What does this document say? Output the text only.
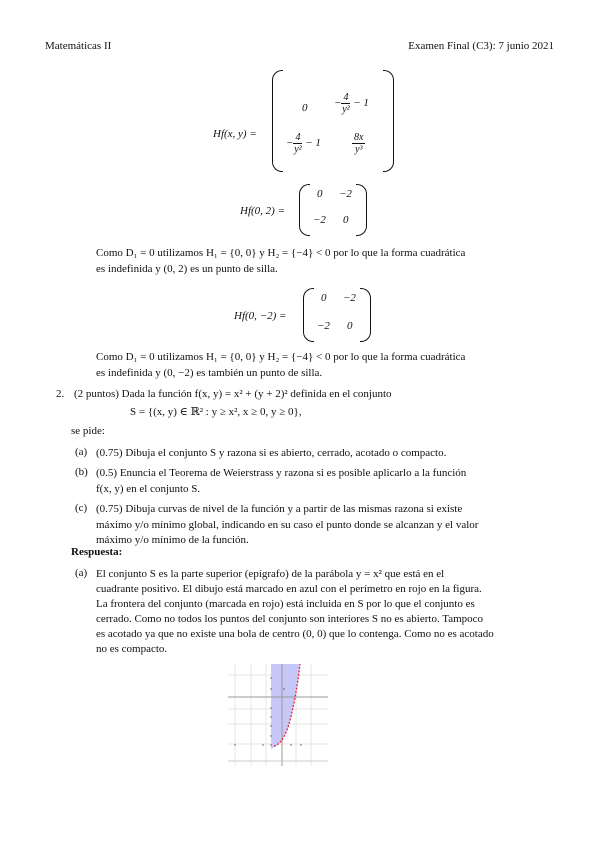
Matemáticas II	Examen Final (C3): 7 junio 2021
Hf(x, y) =
$0 - \frac{4}{\text{y²}} - 1$
− $\frac{4}{\text{y²}} - 1$	$\frac{8x}{\text{y³}}$
Hf(0, 2) =
0 −2
−2 0
Como D₁ = 0 utilizamos H₁ = {0, 0} y H₂ = {−4} < 0 por lo que la forma cuadrática
es indefinida y (0, 2) es un punto de silla.
Hf(0, −2) =
0 −2
−2 0
Como D₁ = 0 utilizamos H₁ = {0, 0} y H₂ = {−4} < 0 por lo que la forma cuadrática
es indefinida y (0, −2) es también un punto de silla.
2. (2 puntos) Dada la función f(x, y) = x² + (y + 2)² definida en el conjunto
S = {(x, y) ∈ ℝ² : y ≥ x², x ≥ 0, y ≥ 0},
se pide:
(a) (0.75) Dibuja el conjunto S y razona si es abierto, cerrado, acotado o compacto.
(b) (0.5) Enuncia el Teorema de Weierstrass y razona si es posible aplicarlo a la función
f(x, y) en el conjunto S.
(c) (0.75) Dibuja curvas de nivel de la función y a partir de las mismas razona si existe
máximo y/o mínimo global, indicando en su caso el punto donde se alcanzan y el valor
máximo y/o mínimo de la función.
Respuesta:
(a) El conjunto S es la parte superior (epígrafo) de la parábola y = x² que está en el
cuadrante positivo. El dibujo está marcado en azul con el perímetro en rojo en la figura.
La frontera del conjunto (marcada en rojo) está incluida en S por lo que el conjunto es
cerrado. Como no todos los puntos del conjunto son interiores S no es abierto. Tampoco
es acotado ya que no existe una bola de centro (0, 0) que lo contenga. Como no es acotado
no es compacto.
